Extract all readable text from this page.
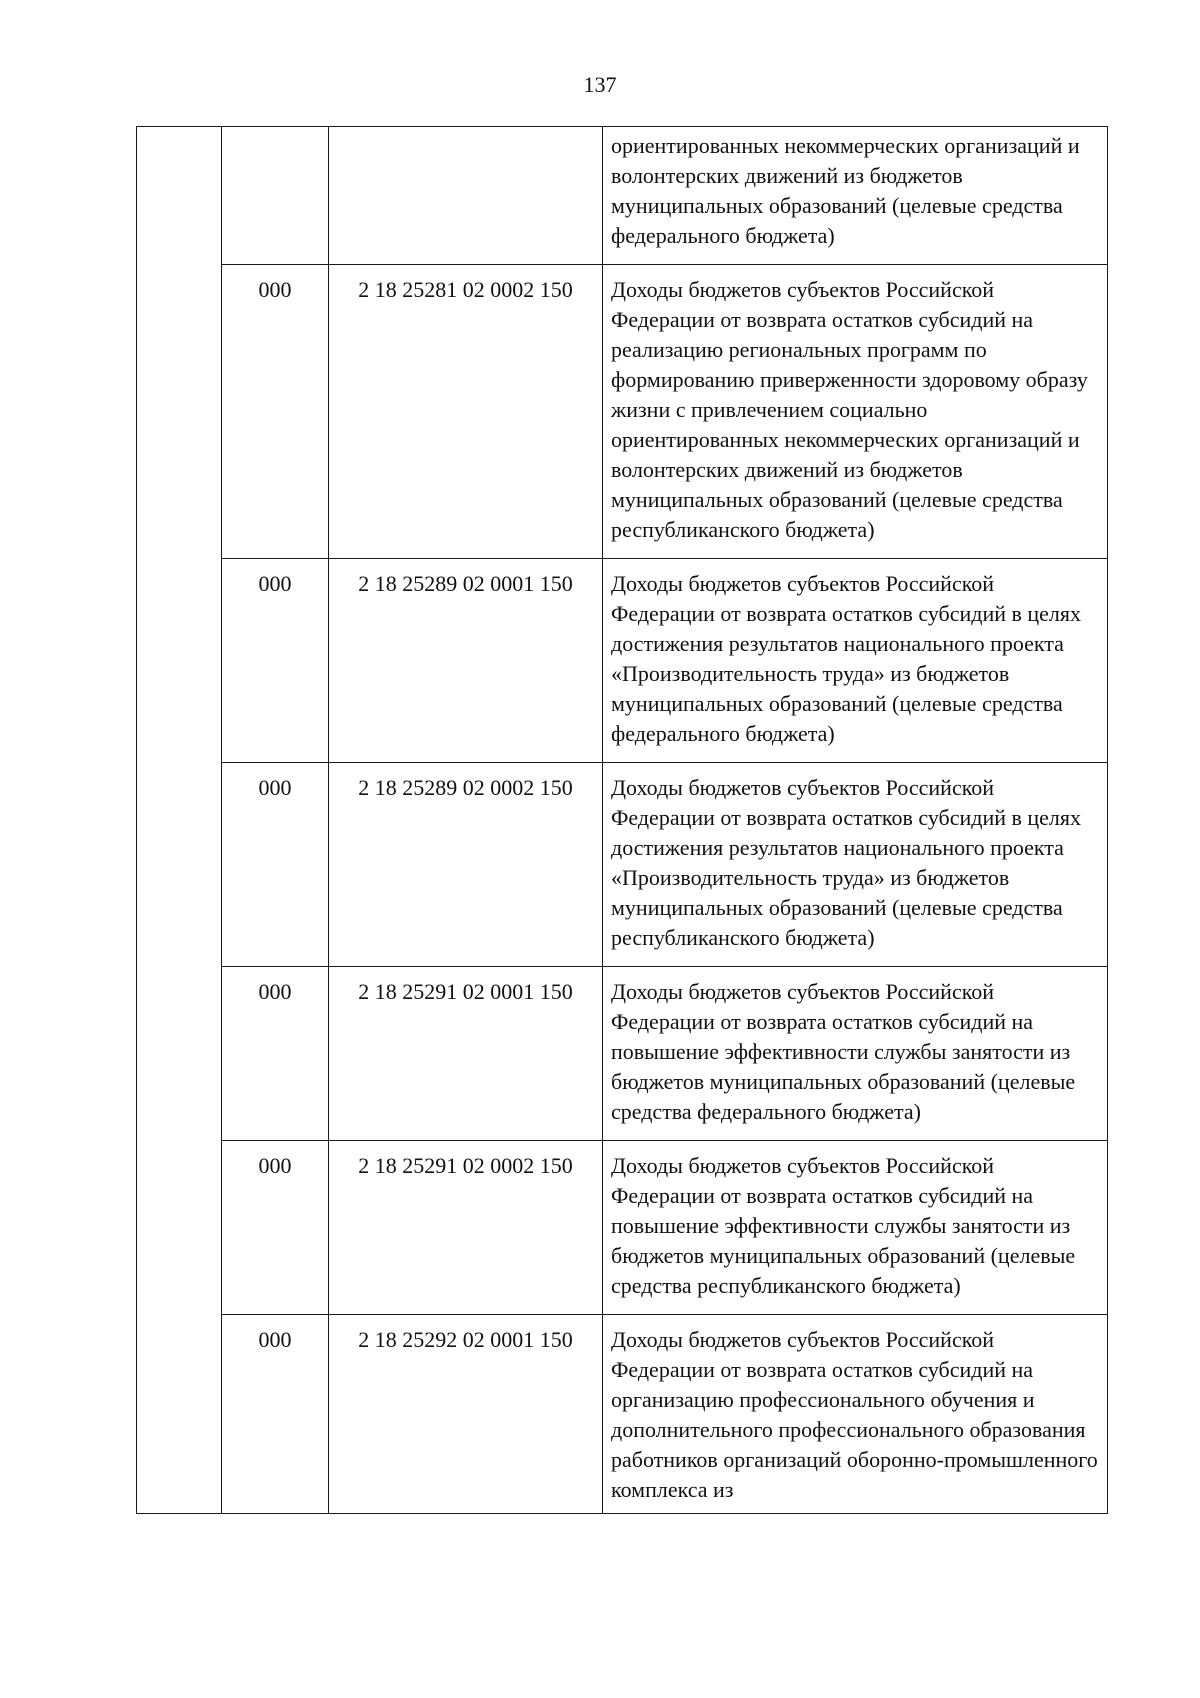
137
			ориентированных некоммерческих организаций и волонтерских движений из бюджетов муниципальных образований (целевые средства федерального бюджета)
	000	2 18 25281 02 0002 150	Доходы бюджетов субъектов Российской Федерации от возврата остатков субсидий на реализацию региональных программ по формированию приверженности здоровому образу жизни с привлечением социально ориентированных некоммерческих организаций и волонтерских движений из бюджетов муниципальных образований (целевые средства республиканского бюджета)
	000	2 18 25289 02 0001 150	Доходы бюджетов субъектов Российской Федерации от возврата остатков субсидий в целях достижения результатов национального проекта «Производительность труда» из бюджетов муниципальных образований (целевые средства федерального бюджета)
	000	2 18 25289 02 0002 150	Доходы бюджетов субъектов Российской Федерации от возврата остатков субсидий в целях достижения результатов национального проекта «Производительность труда» из бюджетов муниципальных образований (целевые средства республиканского бюджета)
	000	2 18 25291 02 0001 150	Доходы бюджетов субъектов Российской Федерации от возврата остатков субсидий на повышение эффективности службы занятости из бюджетов муниципальных образований (целевые средства федерального бюджета)
	000	2 18 25291 02 0002 150	Доходы бюджетов субъектов Российской Федерации от возврата остатков субсидий на повышение эффективности службы занятости из бюджетов муниципальных образований (целевые средства республиканского бюджета)
	000	2 18 25292 02 0001 150	Доходы бюджетов субъектов Российской Федерации от возврата остатков субсидий на организацию профессионального обучения и дополнительного профессионального образования работников организаций оборонно-промышленного комплекса из
